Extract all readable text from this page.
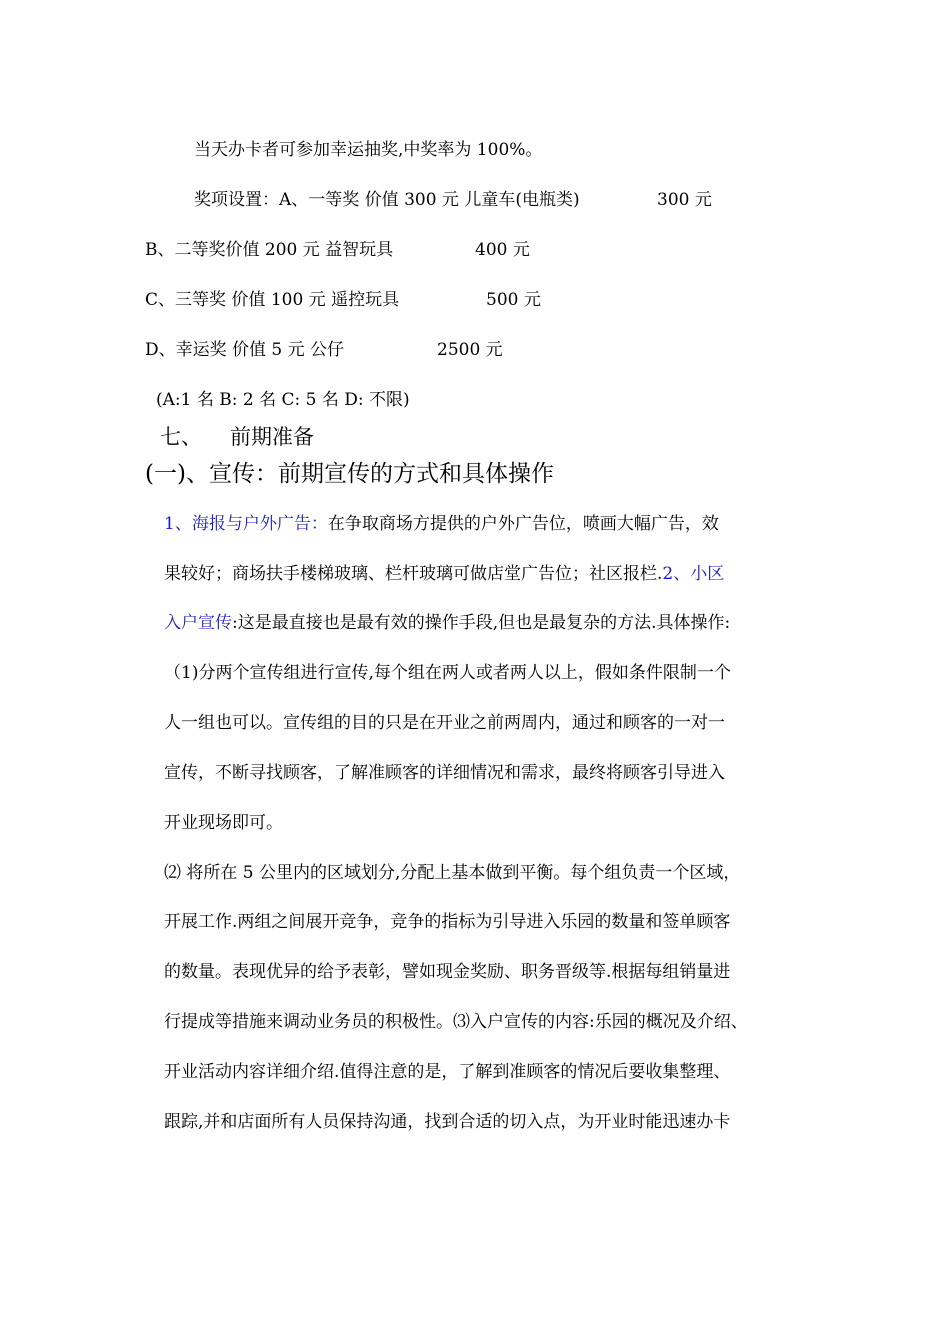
当天办卡者可参加幸运抽奖,中奖率为 100%。
奖项设置：A、一等奖 价值 300 元 儿童车(电瓶类)	300 元
B、二等奖价值 200 元 益智玩具	400 元
C、三等奖 价值 100 元 遥控玩具	500 元
D、幸运奖 价值 5 元 公仔	2500 元
(A:1 名 B: 2 名 C: 5 名 D: 不限)
七、 前期准备
(一)、宣传：前期宣传的方式和具体操作
1、海报与户外广告：在争取商场方提供的户外广告位，喷画大幅广告，效
果较好；商场扶手楼梯玻璃、栏杆玻璃可做店堂广告位；社区报栏.2、小区
入户宣传:这是最直接也是最有效的操作手段,但也是最复杂的方法.具体操作:
（1)分两个宣传组进行宣传,每个组在两人或者两人以上，假如条件限制一个
人一组也可以。宣传组的目的只是在开业之前两周内，通过和顾客的一对一
宣传，不断寻找顾客，了解准顾客的详细情况和需求，最终将顾客引导进入
开业现场即可。
⑵ 将所在 5 公里内的区域划分,分配上基本做到平衡。每个组负责一个区域，
开展工作.两组之间展开竞争，竞争的指标为引导进入乐园的数量和签单顾客
的数量。表现优异的给予表彰，譬如现金奖励、职务晋级等.根据每组销量进
行提成等措施来调动业务员的积极性。⑶入户宣传的内容:乐园的概况及介绍、
开业活动内容详细介绍.值得注意的是，了解到准顾客的情况后要收集整理、
跟踪,并和店面所有人员保持沟通，找到合适的切入点，为开业时能迅速办卡
